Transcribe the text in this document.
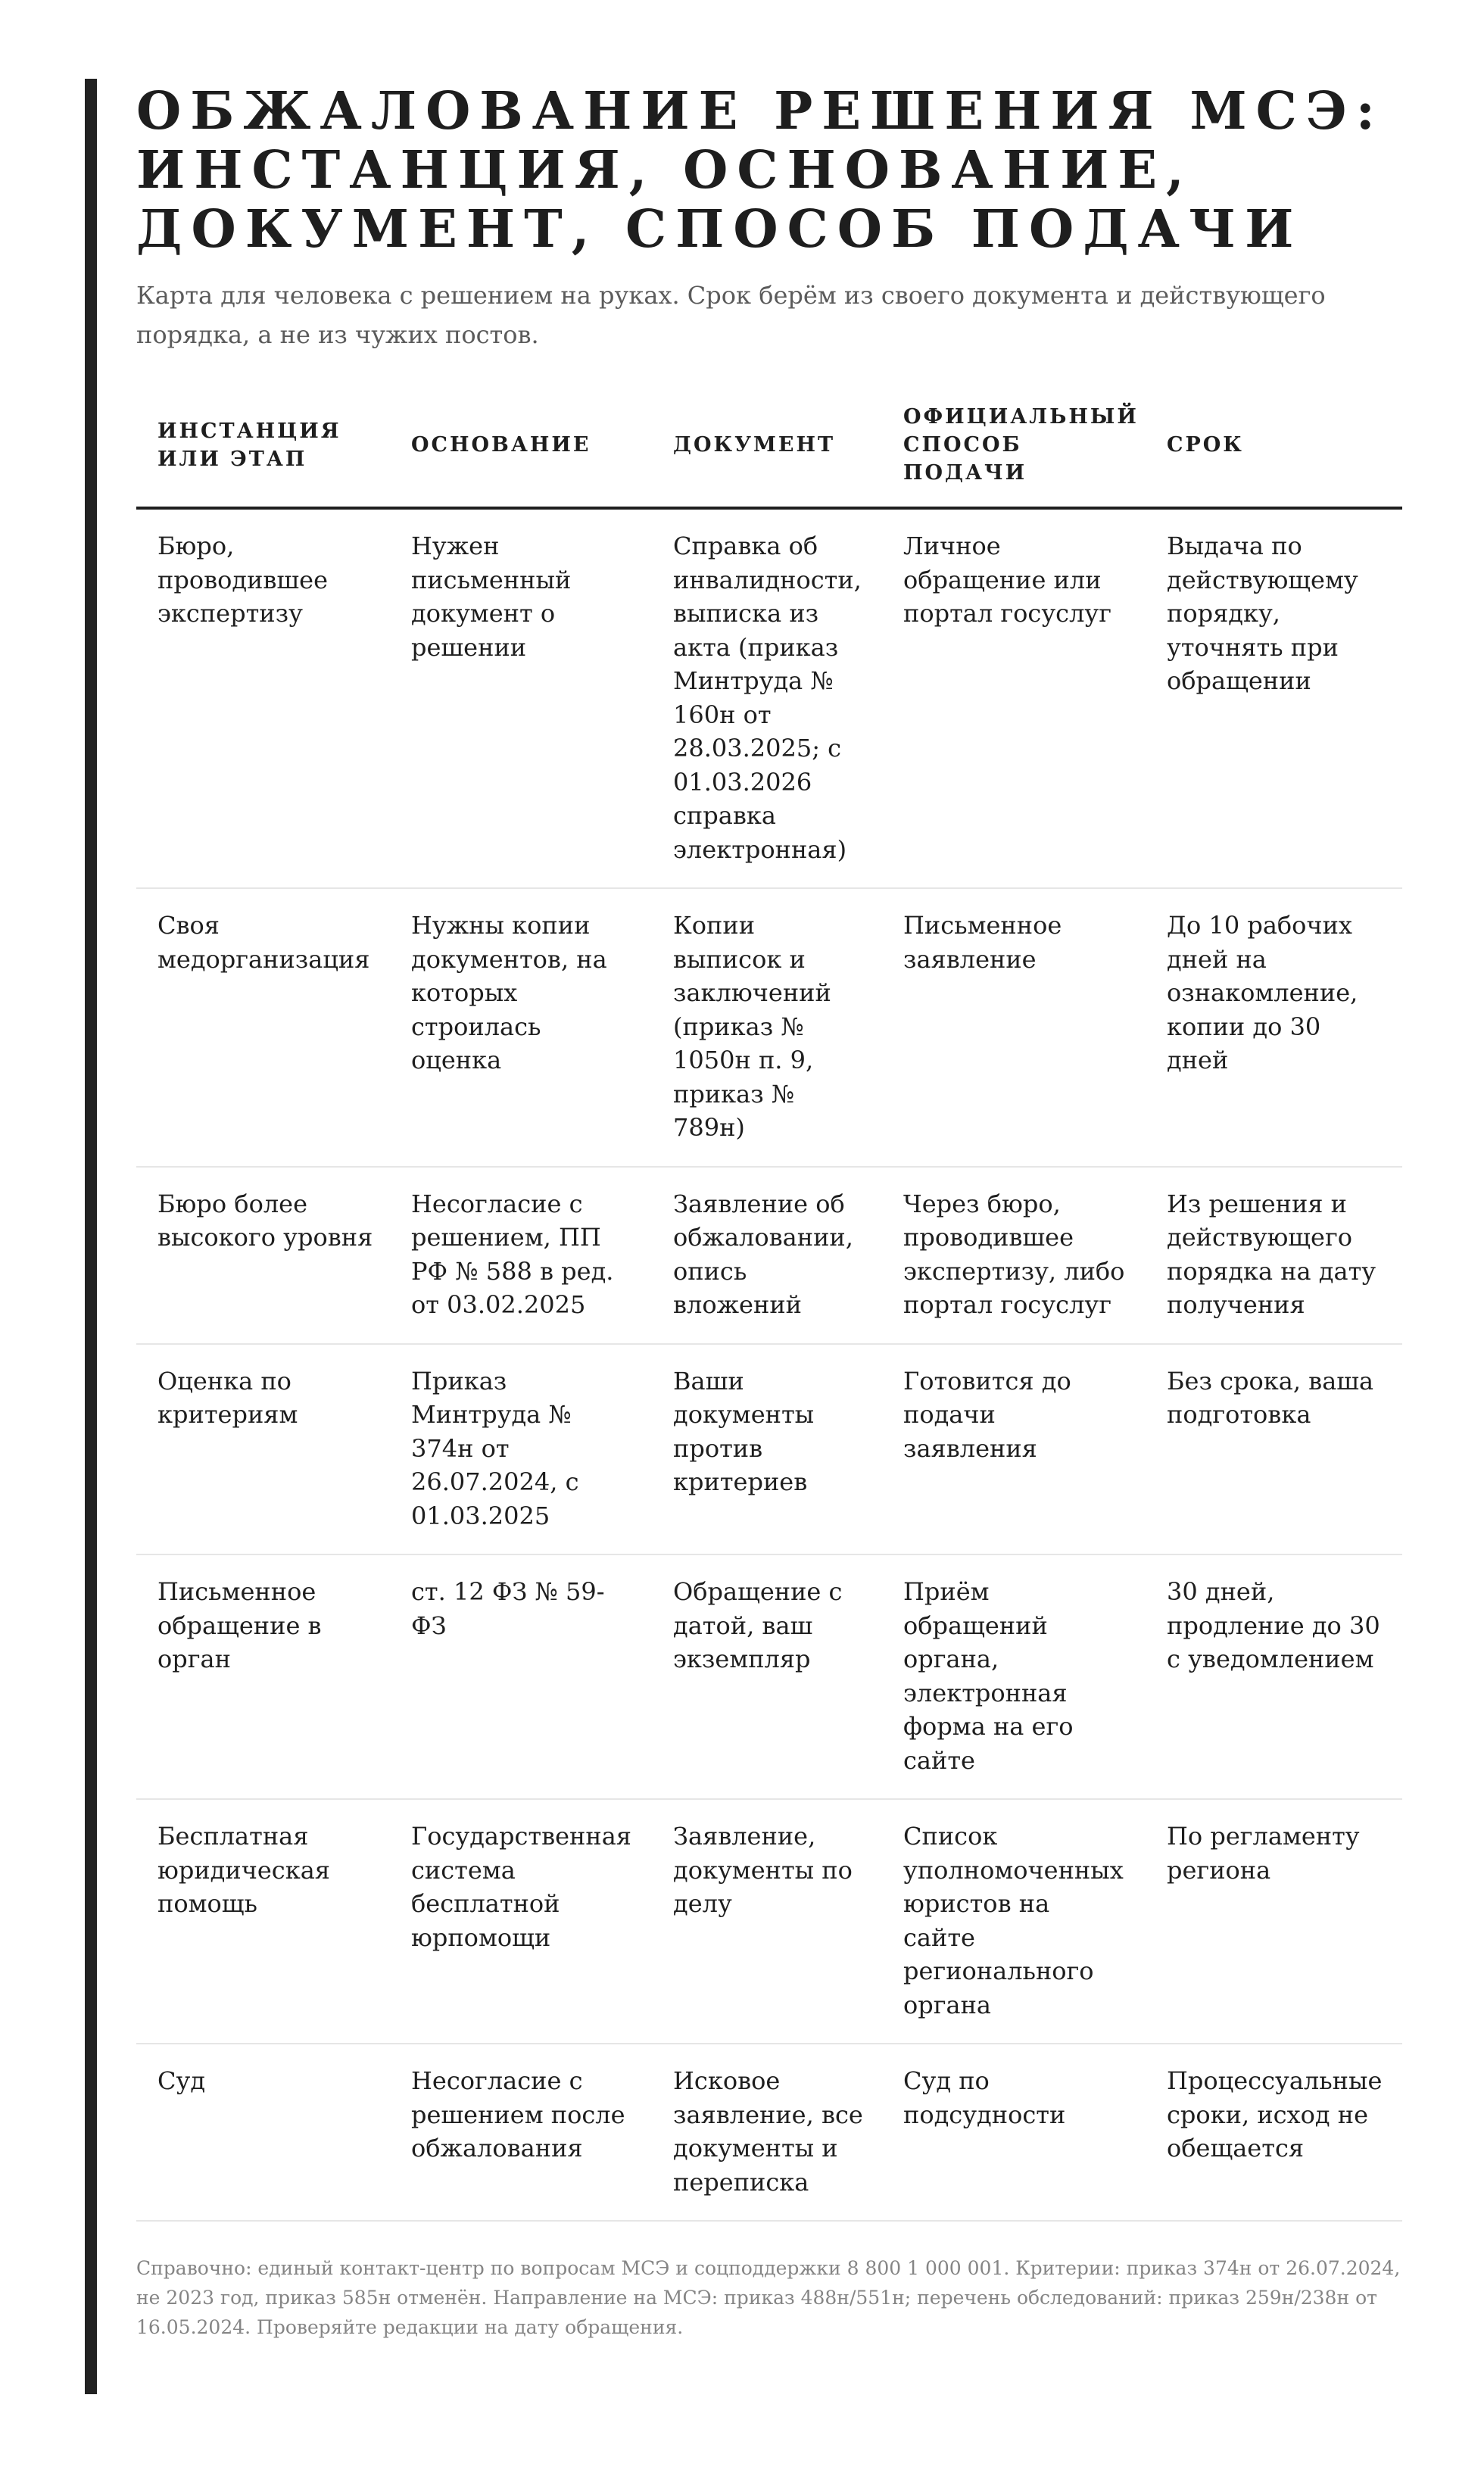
ОБЖАЛОВАНИЕ РЕШЕНИЯ МСЭ:
ИНСТАНЦИЯ, ОСНОВАНИЕ,
ДОКУМЕНТ, СПОСОБ ПОДАЧИ
Карта для человека с решением на руках. Срок берём из своего документа и действующего порядка, а не из чужих постов.
ИНСТАНЦИЯ ИЛИ ЭТАП	ОСНОВАНИЕ	ДОКУМЕНТ	ОФИЦИАЛЬНЫЙ СПОСОБ ПОДАЧИ	СРОК
Бюро, проводившее экспертизу	Нужен письменный документ о решении	Справка об инвалидности, выписка из акта (приказ Минтруда № 160н от 28.03.2025; с 01.03.2026 справка электронная)	Личное обращение или портал госуслуг	Выдача по действующему порядку, уточнять при обращении
Своя медорганизация	Нужны копии документов, на которых строилась оценка	Копии выписок и заключений (приказ № 1050н п. 9, приказ № 789н)	Письменное заявление	До 10 рабочих дней на ознакомление, копии до 30 дней
Бюро более высокого уровня	Несогласие с решением, ПП РФ № 588 в ред. от 03.02.2025	Заявление об обжаловании, опись вложений	Через бюро, проводившее экспертизу, либо портал госуслуг	Из решения и действующего порядка на дату получения
Оценка по критериям	Приказ Минтруда № 374н от 26.07.2024, с 01.03.2025	Ваши документы против критериев	Готовится до подачи заявления	Без срока, ваша подготовка
Письменное обращение в орган	ст. 12 ФЗ № 59-ФЗ	Обращение с датой, ваш экземпляр	Приём обращений органа, электронная форма на его сайте	30 дней, продление до 30 с уведомлением
Бесплатная юридическая помощь	Государственная система бесплатной юрпомощи	Заявление, документы по делу	Список уполномоченных юристов на сайте регионального органа	По регламенту региона
Суд	Несогласие с решением после обжалования	Исковое заявление, все документы и переписка	Суд по подсудности	Процессуальные сроки, исход не обещается
Справочно: единый контакт-центр по вопросам МСЭ и соцподдержки 8 800 1 000 001. Критерии: приказ 374н от 26.07.2024, не 2023 год, приказ 585н отменён. Направление на МСЭ: приказ 488н/551н; перечень обследований: приказ 259н/238н от 16.05.2024. Проверяйте редакции на дату обращения.
